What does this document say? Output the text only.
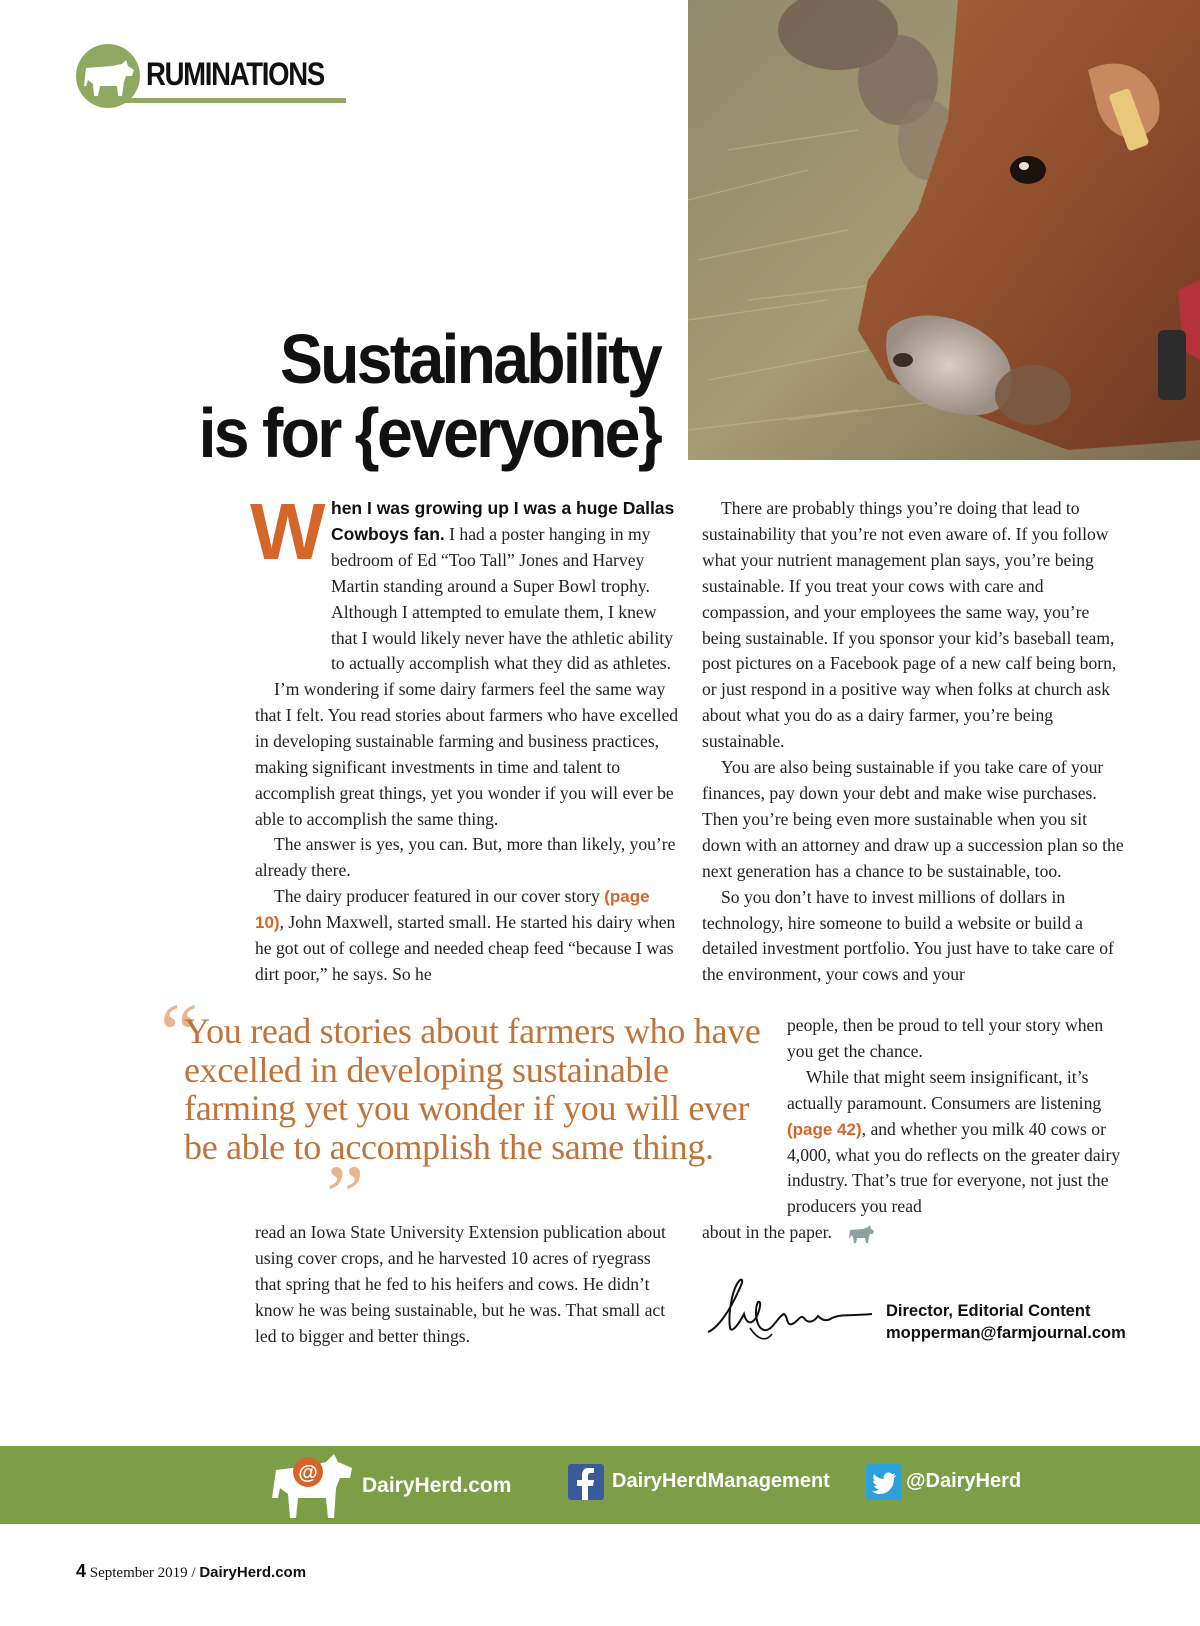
RUMINATIONS
Sustainability
is for {everyone}
W hen I was growing up I was a huge Dallas Cowboys fan. I had a poster hanging in my bedroom of Ed “Too Tall” Jones and Harvey Martin standing around a Super Bowl trophy. Although I attempted to emulate them, I knew that I would likely never have the athletic ability to actually accomplish what they did as athletes.

I’m wondering if some dairy farmers feel the same way that I felt. You read stories about farmers who have excelled in developing sustainable farming and business practices, making significant investments in time and talent to accomplish great things, yet you wonder if you will ever be able to accomplish the same thing.

The answer is yes, you can. But, more than likely, you’re already there.

The dairy producer featured in our cover story (page 10), John Maxwell, started small. He started his dairy when he got out of college and needed cheap feed “because I was dirt poor,” he says. So he

“
You read stories about farmers who have excelled in developing sustainable farming yet you wonder if you will ever be able to accomplish the same thing.
”

read an Iowa State University Extension publication about using cover crops, and he harvested 10 acres of ryegrass that spring that he fed to his heifers and cows. He didn’t know he was being sustainable, but he was. That small act led to bigger and better things.

There are probably things you’re doing that lead to sustainability that you’re not even aware of. If you follow what your nutrient management plan says, you’re being sustainable. If you treat your cows with care and compassion, and your employees the same way, you’re being sustainable. If you sponsor your kid’s baseball team, post pictures on a Facebook page of a new calf being born, or just respond in a positive way when folks at church ask about what you do as a dairy farmer, you’re being sustainable.

You are also being sustainable if you take care of your finances, pay down your debt and make wise purchases. Then you’re being even more sustainable when you sit down with an attorney and draw up a succession plan so the next generation has a chance to be sustainable, too.

So you don’t have to invest millions of dollars in technology, hire someone to build a website or build a detailed investment portfolio. You just have to take care of the environment, your cows and your

people, then be proud to tell your story when you get the chance.

While that might seem insignificant, it’s actually paramount. Consumers are listening (page 42), and whether you milk 40 cows or 4,000, what you do reflects on the greater dairy industry. That’s true for everyone, not just the producers you read

about in the paper.

Director, Editorial Content
mopperman@farmjournal.com
@
DairyHerd.com	DairyHerdManagement	@DairyHerd
4 September 2019 / DairyHerd.com
